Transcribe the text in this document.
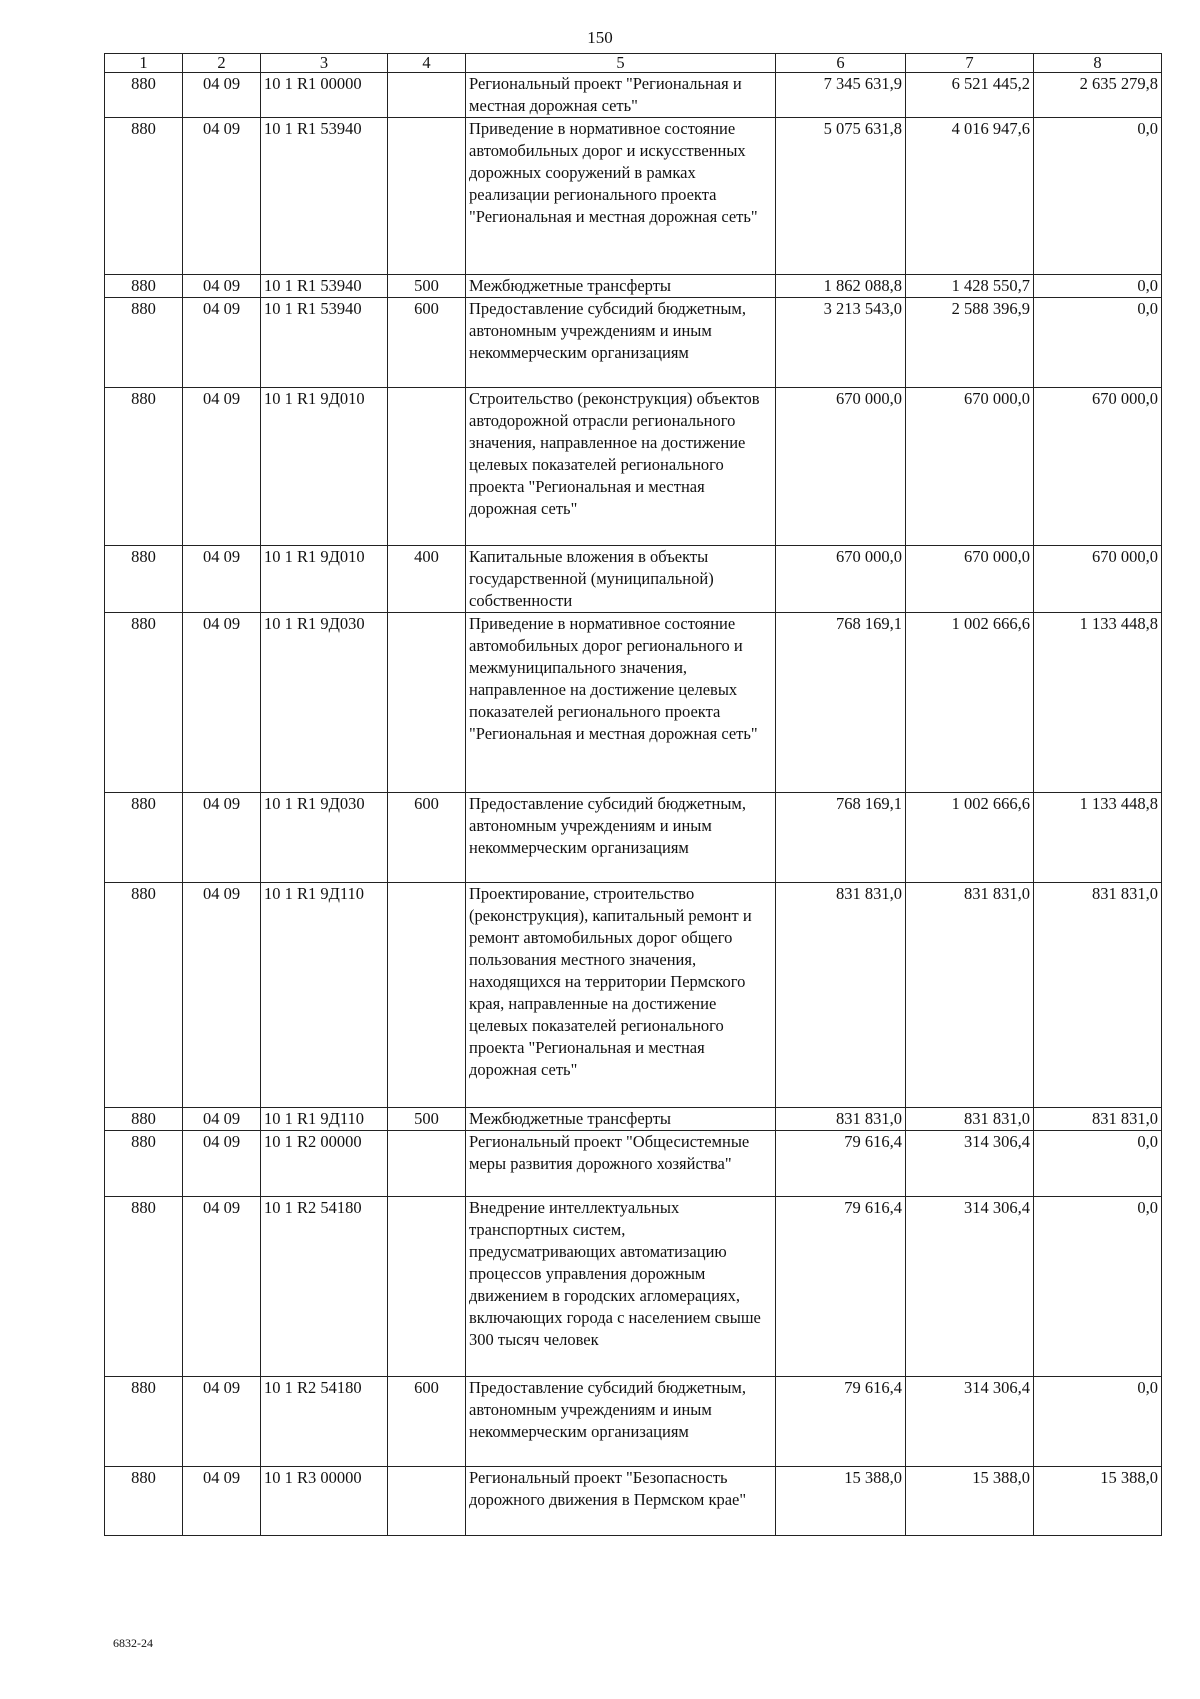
150
1	2	3	4	5	6	7	8
880	04 09	10 1 R1 00000		Региональный проект "Региональная и местная дорожная сеть"	7 345 631,9	6 521 445,2	2 635 279,8
880	04 09	10 1 R1 53940		Приведение в нормативное состояние автомобильных дорог и искусственных дорожных сооружений в рамках реализации регионального проекта "Региональная и местная дорожная сеть"	5 075 631,8	4 016 947,6	0,0
880	04 09	10 1 R1 53940	500	Межбюджетные трансферты	1 862 088,8	1 428 550,7	0,0
880	04 09	10 1 R1 53940	600	Предоставление субсидий бюджетным, автономным учреждениям и иным некоммерческим организациям	3 213 543,0	2 588 396,9	0,0
880	04 09	10 1 R1 9Д010		Строительство (реконструкция) объектов автодорожной отрасли регионального значения, направленное на достижение целевых показателей регионального проекта "Региональная и местная дорожная сеть"	670 000,0	670 000,0	670 000,0
880	04 09	10 1 R1 9Д010	400	Капитальные вложения в объекты государственной (муниципальной) собственности	670 000,0	670 000,0	670 000,0
880	04 09	10 1 R1 9Д030		Приведение в нормативное состояние автомобильных дорог регионального и межмуниципального значения, направленное на достижение целевых показателей регионального проекта "Региональная и местная дорожная сеть"	768 169,1	1 002 666,6	1 133 448,8
880	04 09	10 1 R1 9Д030	600	Предоставление субсидий бюджетным, автономным учреждениям и иным некоммерческим организациям	768 169,1	1 002 666,6	1 133 448,8
880	04 09	10 1 R1 9Д110		Проектирование, строительство (реконструкция), капитальный ремонт и ремонт автомобильных дорог общего пользования местного значения, находящихся на территории Пермского края, направленные на достижение целевых показателей регионального проекта "Региональная и местная дорожная сеть"	831 831,0	831 831,0	831 831,0
880	04 09	10 1 R1 9Д110	500	Межбюджетные трансферты	831 831,0	831 831,0	831 831,0
880	04 09	10 1 R2 00000		Региональный проект "Общесистемные меры развития дорожного хозяйства"	79 616,4	314 306,4	0,0
880	04 09	10 1 R2 54180		Внедрение интеллектуальных транспортных систем, предусматривающих автоматизацию процессов управления дорожным движением в городских агломерациях, включающих города с населением свыше 300 тысяч человек	79 616,4	314 306,4	0,0
880	04 09	10 1 R2 54180	600	Предоставление субсидий бюджетным, автономным учреждениям и иным некоммерческим организациям	79 616,4	314 306,4	0,0
880	04 09	10 1 R3 00000		Региональный проект "Безопасность дорожного движения в Пермском крае"	15 388,0	15 388,0	15 388,0
6832-24
